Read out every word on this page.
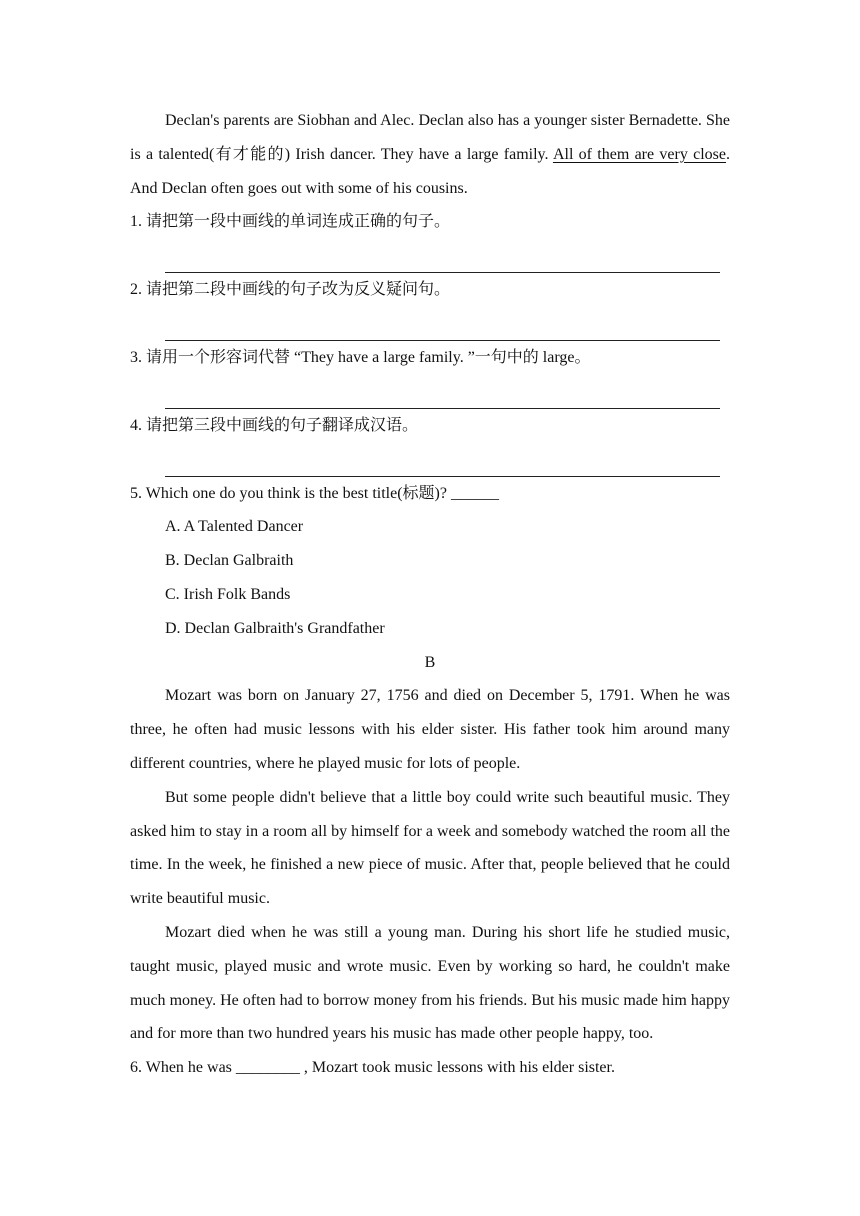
Declan's parents are Siobhan and Alec. Declan also has a younger sister Bernadette. She is a talented(有才能的) Irish dancer. They have a large family. All of them are very close. And Declan often goes out with some of his cousins.

1. 请把第一段中画线的单词连成正确的句子。

2. 请把第二段中画线的句子改为反义疑问句。

3. 请用一个形容词代替 “They have a large family. ”一句中的 large。

4. 请把第三段中画线的句子翻译成汉语。

5. Which one do you think is the best title(标题)? ______

A. A Talented Dancer

B. Declan Galbraith

C. Irish Folk Bands

D. Declan Galbraith's Grandfather

B

Mozart was born on January 27, 1756 and died on December 5, 1791. When he was three, he often had music lessons with his elder sister. His father took him around many different countries, where he played music for lots of people.

But some people didn't believe that a little boy could write such beautiful music. They asked him to stay in a room all by himself for a week and somebody watched the room all the time. In the week, he finished a new piece of music. After that, people believed that he could write beautiful music.

Mozart died when he was still a young man. During his short life he studied music, taught music, played music and wrote music. Even by working so hard, he couldn't make much money. He often had to borrow money from his friends. But his music made him happy and for more than two hundred years his music has made other people happy, too.

6. When he was ________ , Mozart took music lessons with his elder sister.
